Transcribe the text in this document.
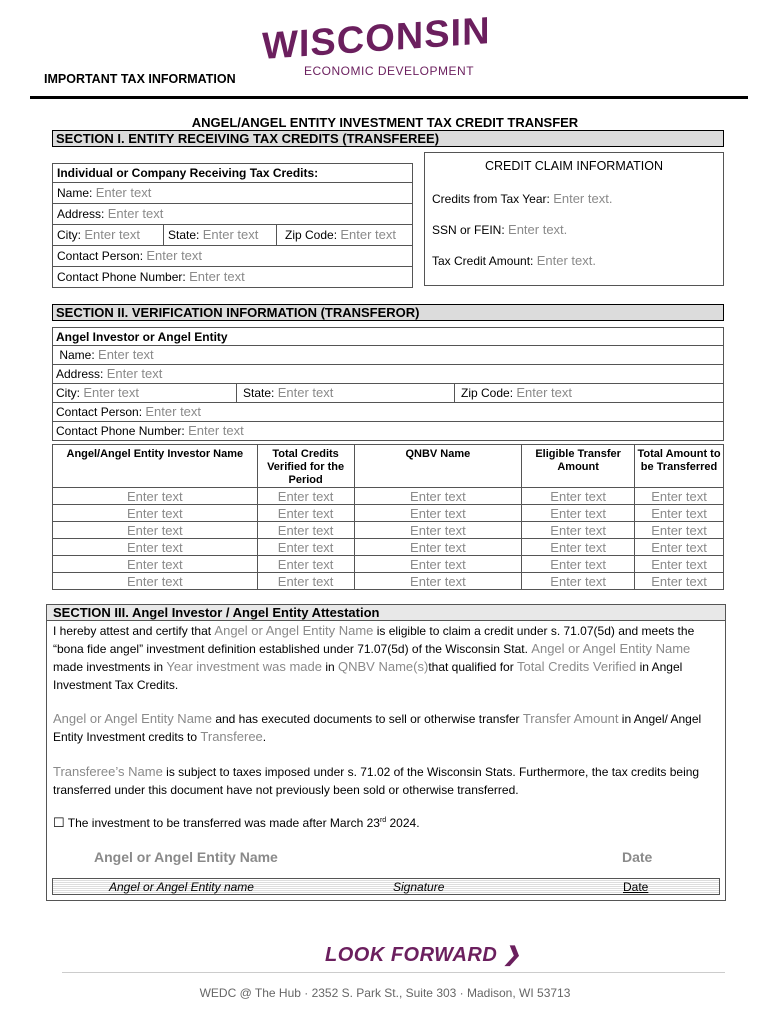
WISCONSIN
ECONOMIC DEVELOPMENT
IMPORTANT TAX INFORMATION
ANGEL/ANGEL ENTITY INVESTMENT TAX CREDIT TRANSFER
SECTION I. ENTITY RECEIVING TAX CREDITS (TRANSFEREE)
Individual or Company Receiving Tax Credits:
Name: Enter text
Address: Enter text
City: Enter text	State: Enter text	Zip Code: Enter text
Contact Person: Enter text
Contact Phone Number: Enter text
CREDIT CLAIM INFORMATION
Credits from Tax Year: Enter text.
SSN or FEIN: Enter text.
Tax Credit Amount: Enter text.
SECTION II. VERIFICATION INFORMATION (TRANSFEROR)
Angel Investor or Angel Entity
Name: Enter text
Address: Enter text
City: Enter text	State: Enter text	Zip Code: Enter text
Contact Person: Enter text
Contact Phone Number: Enter text
Angel/Angel Entity Investor Name	Total Credits Verified for the Period	QNBV Name	Eligible Transfer Amount	Total Amount to be Transferred
Enter text	Enter text	Enter text	Enter text	Enter text
Enter text	Enter text	Enter text	Enter text	Enter text
Enter text	Enter text	Enter text	Enter text	Enter text
Enter text	Enter text	Enter text	Enter text	Enter text
Enter text	Enter text	Enter text	Enter text	Enter text
Enter text	Enter text	Enter text	Enter text	Enter text
SECTION III. Angel Investor / Angel Entity Attestation
I hereby attest and certify that Angel or Angel Entity Name is eligible to claim a credit under s. 71.07(5d) and meets the “bona fide angel” investment definition established under 71.07(5d) of the Wisconsin Stat. Angel or Angel Entity Name made investments in Year investment was made in QNBV Name(s)that qualified for Total Credits Verified in Angel Investment Tax Credits.
Angel or Angel Entity Name and has executed documents to sell or otherwise transfer Transfer Amount in Angel/ Angel Entity Investment credits to Transferee.
Transferee’s Name is subject to taxes imposed under s. 71.02 of the Wisconsin Stats. Furthermore, the tax credits being transferred under this document have not previously been sold or otherwise transferred.
☐ The investment to be transferred was made after March 23rd 2024.
Angel or Angel Entity Name	Date
Angel or Angel Entity name	Signature	Date
LOOK FORWARD ❯
WEDC @ The Hub · 2352 S. Park St., Suite 303 · Madison, WI 53713
